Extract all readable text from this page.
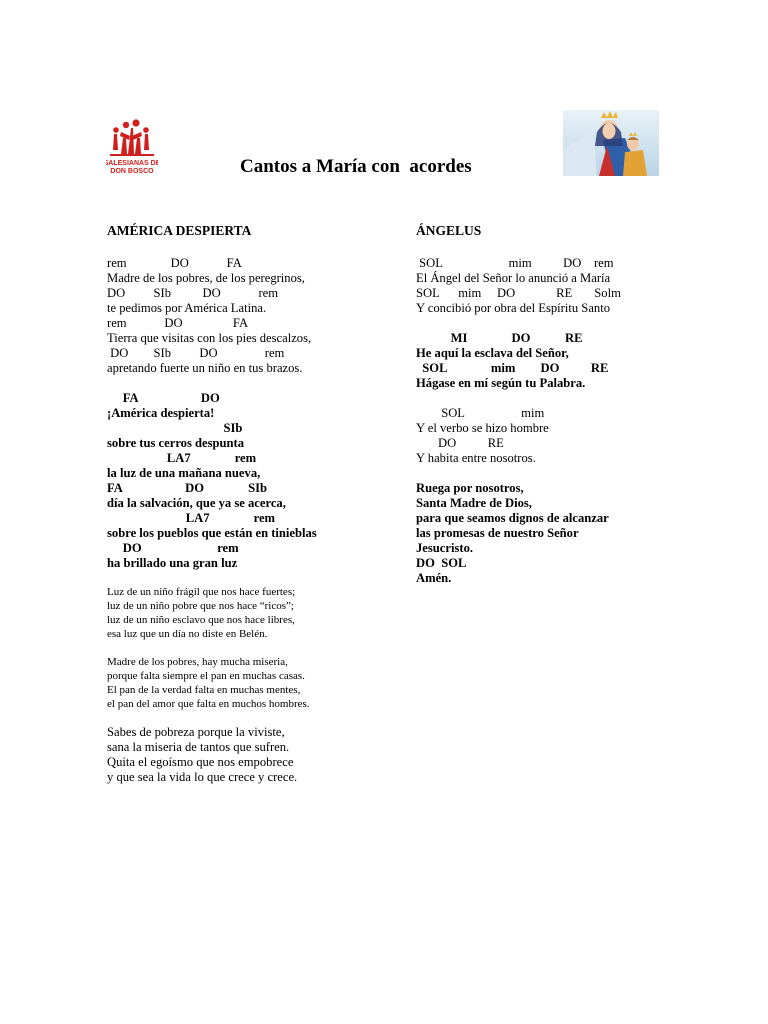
SALESIANAS DE
DON BOSCO	Cantos a María con  acordes
AMÉRICA DESPIERTA

rem              DO            FA

Madre de los pobres, de los peregrinos,

DO         SIb          DO            rem

te pedimos por América Latina.

rem            DO                FA

Tierra que visitas con los pies descalzos,

DO        SIb         DO               rem

apretando fuerte un niño en tus brazos.

FA                    DO

¡América despierta!

SIb

sobre tus cerros despunta

LA7              rem

la luz de una mañana nueva,

FA                    DO              SIb

día la salvación, que ya se acerca,

LA7              rem

sobre los pueblos que están en tinieblas

DO                        rem

ha brillado una gran luz

Luz de un niño frágil que nos hace fuertes;

luz de un niño pobre que nos hace “ricos”;

luz de un niño esclavo que nos hace libres,

esa luz que un día no diste en Belén.

Madre de los pobres, hay mucha miseria,

porque falta siempre el pan en muchas casas.

El pan de la verdad falta en muchas mentes,

el pan del amor que falta en muchos hombres.

Sabes de pobreza porque la viviste,

sana la miseria de tantos que sufren.

Quita el egoísmo que nos empobrece

y que sea la vida lo que crece y crece.

ÁNGELUS

SOL                     mim          DO    rem

El Ángel del Señor lo anunció a María

SOL      mim     DO             RE       Solm

Y concibió por obra del Espíritu Santo

MI              DO           RE

He aquí la esclava del Señor,

SOL              mim        DO          RE

Hágase en mí según tu Palabra.

SOL                  mim

Y el verbo se hizo hombre

DO          RE

Y habita entre nosotros.

Ruega por nosotros,

Santa Madre de Dios,

para que seamos dignos de alcanzar

las promesas de nuestro Señor

Jesucristo.

DO  SOL

Amén.
